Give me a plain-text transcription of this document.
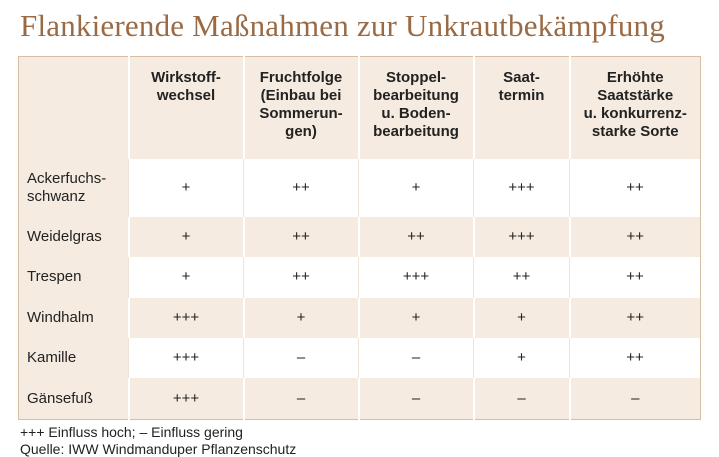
Flankierende Maßnahmen zur Unkrautbekämpfung
	Wirkstoff-
wechsel	Fruchtfolge
(Einbau bei
Sommerun-
gen)	Stoppel-
bearbeitung
u. Boden-
bearbeitung	Saat-
termin	Erhöhte
Saatstärke
u. konkurrenz-
starke Sorte
Ackerfuchs-
schwanz	+	++	+	+++	++
Weidelgras	+	++	++	+++	++
Trespen	+	++	+++	++	++
Windhalm	+++	+	+	+	++
Kamille	+++	–	–	+	++
Gänsefuß	+++	–	–	–	–
+++ Einfluss hoch; – Einfluss gering
Quelle: IWW Windmanduper Pflanzenschutz
